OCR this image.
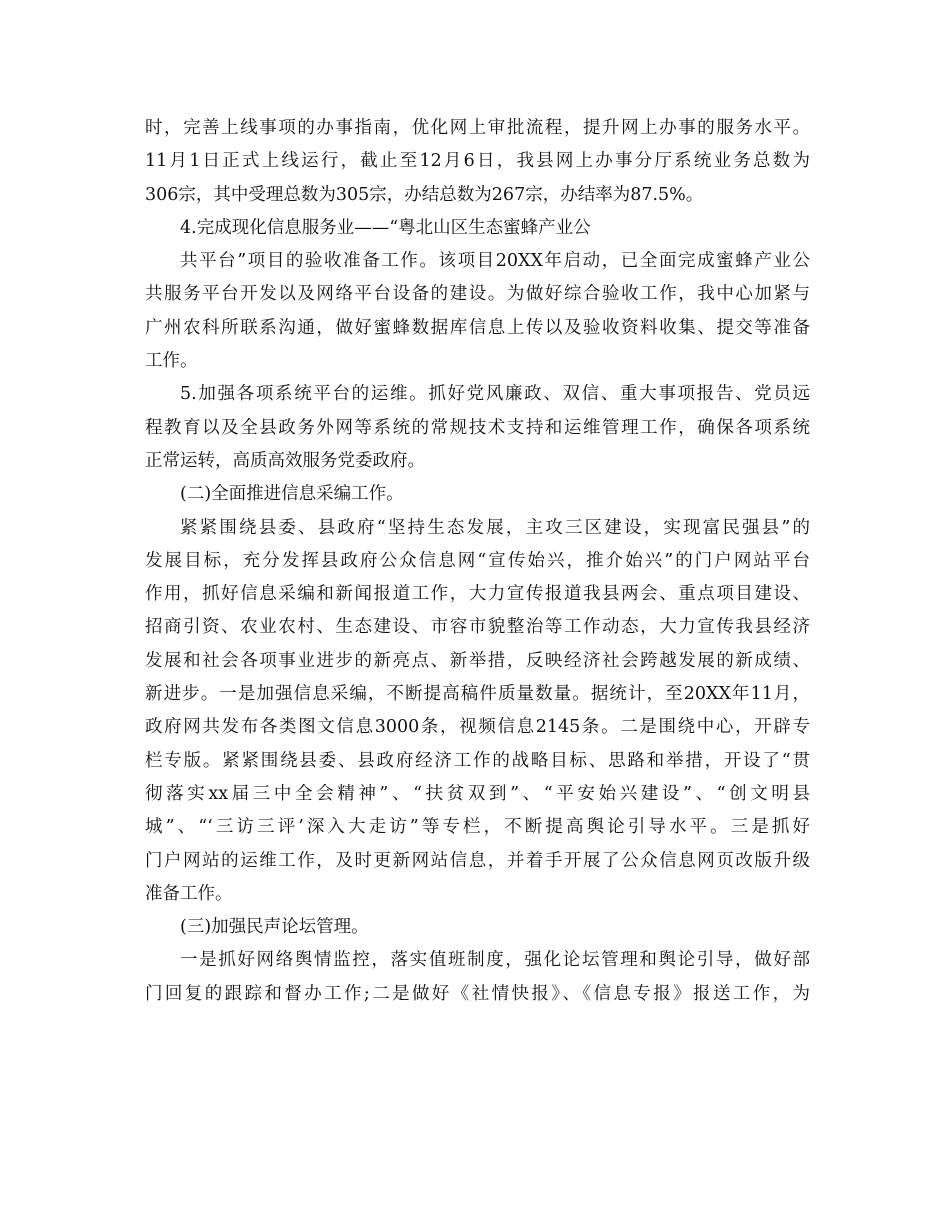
时，完善上线事项的办事指南，优化网上审批流程，提升网上办事的服务水平。
11月1日正式上线运行，截止至12月6日，我县网上办事分厅系统业务总数为
306宗，其中受理总数为305宗，办结总数为267宗，办结率为87.5%。
4.完成现化信息服务业——“粤北山区生态蜜蜂产业公
共平台”项目的验收准备工作。该项目20XX年启动，已全面完成蜜蜂产业公
共服务平台开发以及网络平台设备的建设。为做好综合验收工作，我中心加紧与
广州农科所联系沟通，做好蜜蜂数据库信息上传以及验收资料收集、提交等准备
工作。
5.加强各项系统平台的运维。抓好党风廉政、双信、重大事项报告、党员远
程教育以及全县政务外网等系统的常规技术支持和运维管理工作，确保各项系统
正常运转，高质高效服务党委政府。
(二)全面推进信息采编工作。
紧紧围绕县委、县政府“坚持生态发展，主攻三区建设，实现富民强县”的
发展目标，充分发挥县政府公众信息网“宣传始兴，推介始兴”的门户网站平台
作用，抓好信息采编和新闻报道工作，大力宣传报道我县两会、重点项目建设、
招商引资、农业农村、生态建设、市容市貌整治等工作动态，大力宣传我县经济
发展和社会各项事业进步的新亮点、新举措，反映经济社会跨越发展的新成绩、
新进步。一是加强信息采编，不断提高稿件质量数量。据统计，至20XX年11月，
政府网共发布各类图文信息3000条，视频信息2145条。二是围绕中心，开辟专
栏专版。紧紧围绕县委、县政府经济工作的战略目标、思路和举措，开设了“贯
彻落实xx届三中全会精神”、“扶贫双到”、“平安始兴建设”、“创文明县
城”、“‘三访三评’深入大走访”等专栏，不断提高舆论引导水平。三是抓好
门户网站的运维工作，及时更新网站信息，并着手开展了公众信息网页改版升级
准备工作。
(三)加强民声论坛管理。
一是抓好网络舆情监控，落实值班制度，强化论坛管理和舆论引导，做好部
门回复的跟踪和督办工作;二是做好《社情快报》、《信息专报》报送工作，为
